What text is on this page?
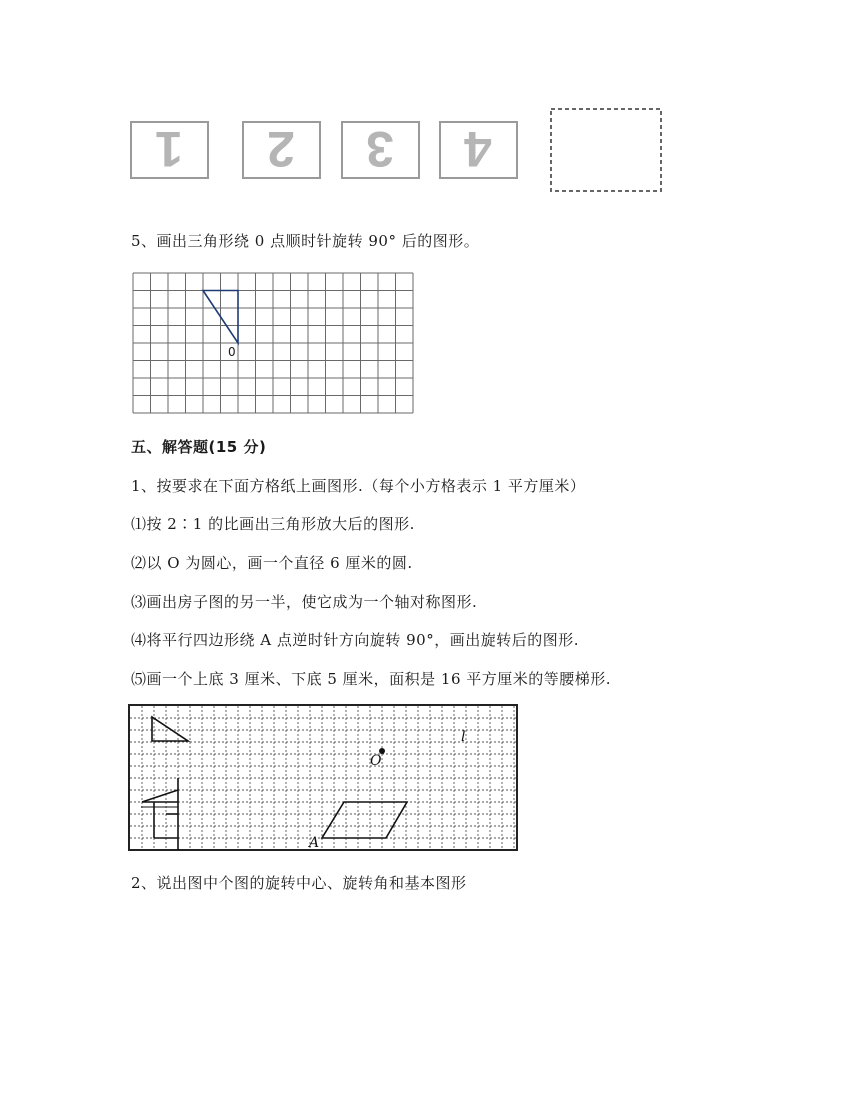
1 2 3 4
5、画出三角形绕 0 点顺时针旋转 90° 后的图形。
0
五、解答题(15 分)
1、按要求在下面方格纸上画图形.（每个小方格表示 1 平方厘米）
⑴按 2∶1 的比画出三角形放大后的图形.
⑵以 O 为圆心，画一个直径 6 厘米的圆.
⑶画出房子图的另一半，使它成为一个轴对称图形.
⑷将平行四边形绕 A 点逆时针方向旋转 90°，画出旋转后的图形.
⑸画一个上底 3 厘米、下底 5 厘米，面积是 16 平方厘米的等腰梯形.
O
l
A
2、说出图中个图的旋转中心、旋转角和基本图形
